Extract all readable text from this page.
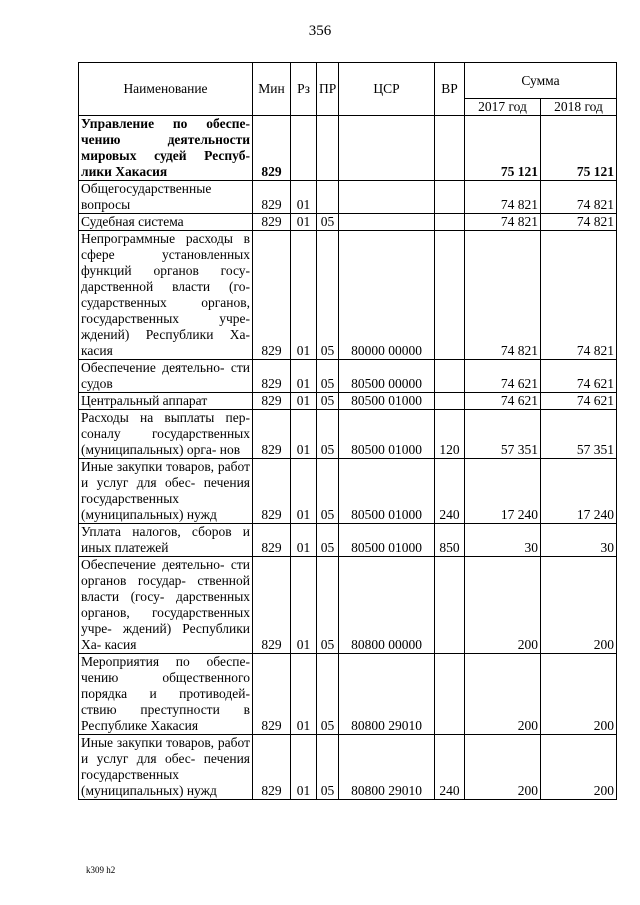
356
Наименование	Мин	Рз	ПР	ЦСР	ВР	Сумма	
						2017 год	2018 год
Управление по обеспе- чению деятельности мировых судей Респуб- лики Хакасия	829					75 121	75 121
Общегосударственные вопросы	829	01				74 821	74 821
Судебная система	829	01	05			74 821	74 821
Непрограммные расходы в сфере установленных функций органов госу- дарственной власти (го- сударственных органов, государственных учре- ждений) Республики Ха- касия	829	01	05	80000 00000		74 821	74 821
Обеспечение деятельно- сти судов	829	01	05	80500 00000		74 621	74 621
Центральный аппарат	829	01	05	80500 01000		74 621	74 621
Расходы на выплаты пер- соналу государственных (муниципальных) орга- нов	829	01	05	80500 01000	120	57 351	57 351
Иные закупки товаров, работ и услуг для обес- печения государственных (муниципальных) нужд	829	01	05	80500 01000	240	17 240	17 240
Уплата налогов, сборов и иных платежей	829	01	05	80500 01000	850	30	30
Обеспечение деятельно- сти органов государ- ственной власти (госу- дарственных органов, государственных учре- ждений) Республики Ха- касия	829	01	05	80800 00000		200	200
Мероприятия по обеспе- чению общественного порядка и противодей- ствию преступности в Республике Хакасия	829	01	05	80800 29010		200	200
Иные закупки товаров, работ и услуг для обес- печения государственных (муниципальных) нужд	829	01	05	80800 29010	240	200	200
k309 h2
